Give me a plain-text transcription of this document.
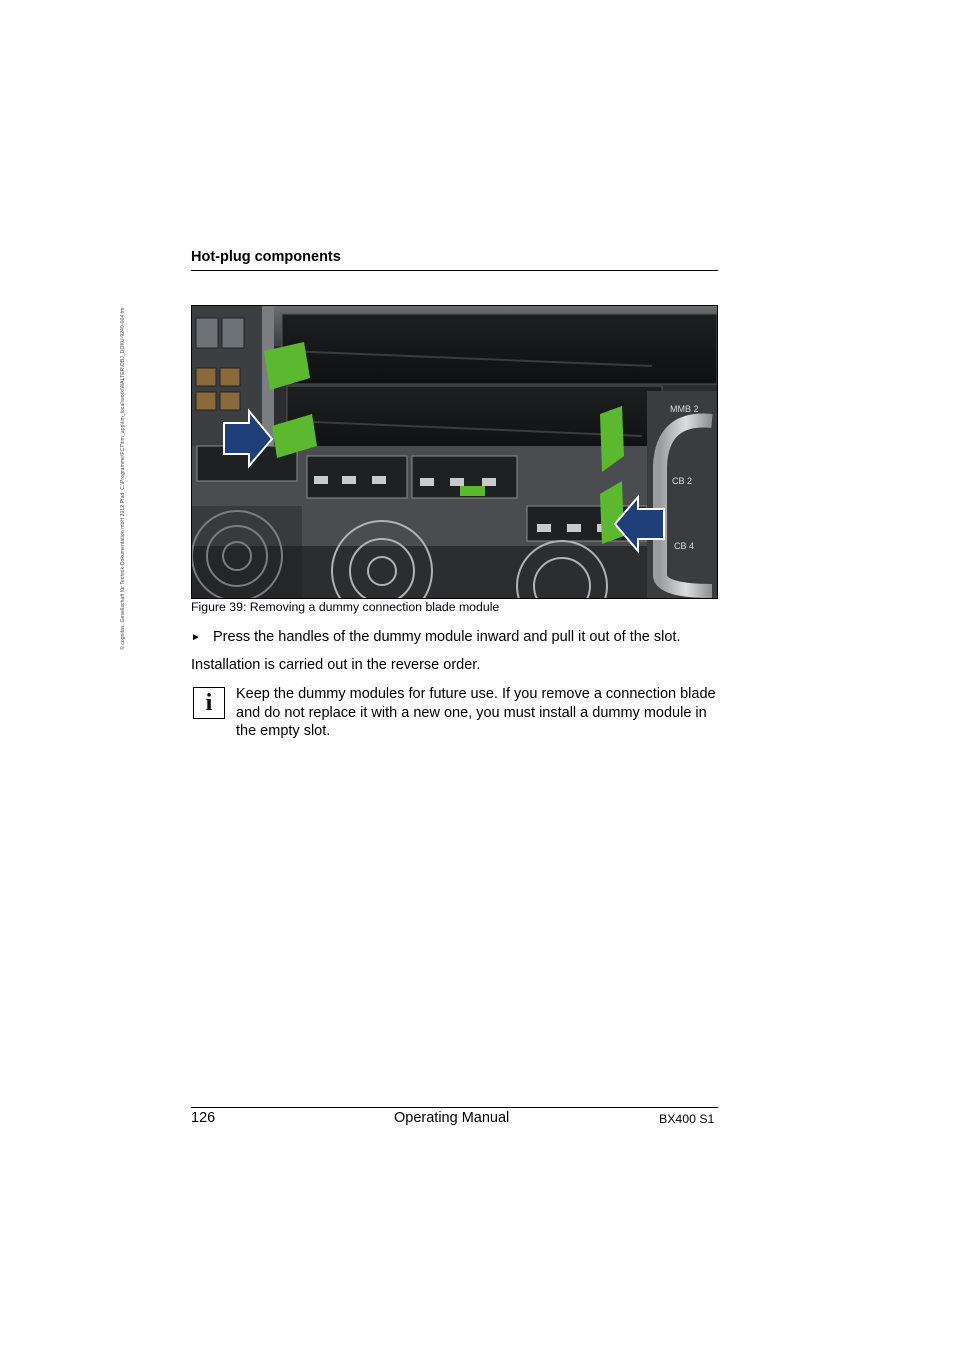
© cognitas. Gesellschaft für Technik-Dokumentation mbH 2012 Pfad: C:\Programme\FCT\tim_app\tim_local\work\WALTER\OBJ_DOKU-9249-004.fm
Hot-plug components
MMB 2
CB 2
CB 4
Figure 39: Removing a dummy connection blade module
► Press the handles of the dummy module inward and pull it out of the slot.
Installation is carried out in the reverse order.
i	Keep the dummy modules for future use. If you remove a connection blade and do not replace it with a new one, you must install a dummy module in the empty slot.
126	Operating Manual	BX400 S1
